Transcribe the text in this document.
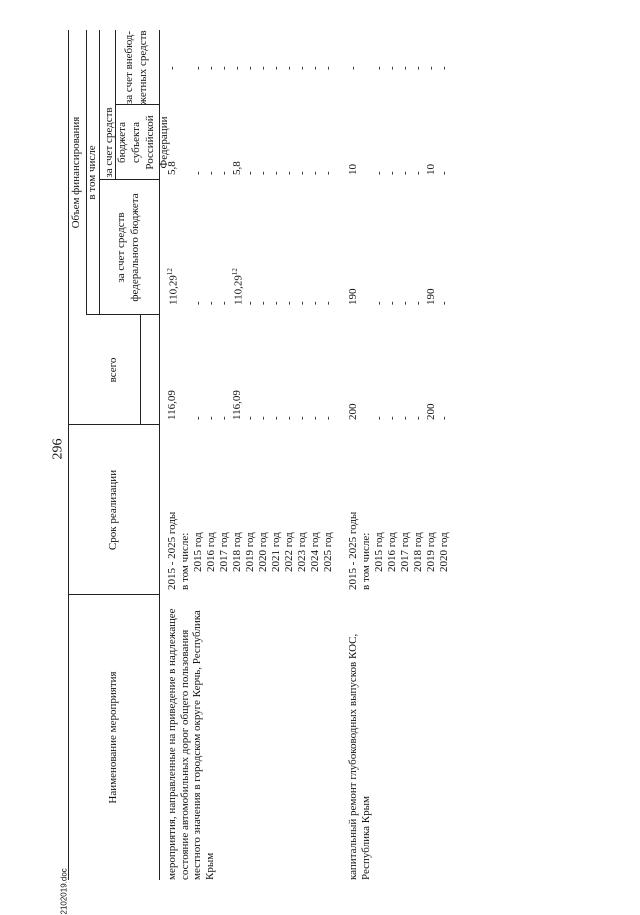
296
2102019.doc
Наименование мероприятия
Срок реализации
Объем финансирования в том числе
всего
за счет средств федерального бюджета
за счет средств бюджета субъекта Российской Федерации
за счет внебюд-жетных средств
мероприятия, направленные на приведение в надлежащее состояние автомобильных дорог общего пользования местного значения в городском округе Керчь, Республика Крым
2015 - 2025 годы
116,09
110,29$^{12}$
5,8
-
в том числе: 2015 год
-
-
-
-
2016 год
-
-
-
-
2017 год
-
-
-
-
2018 год
116,09
110,29$^{12}$
5,8
-
2019 год
-
-
-
-
2020 год
-
-
-
-
2021 год
-
-
-
-
2022 год
-
-
-
-
2023 год
-
-
-
-
2024 год
-
-
-
-
2025 год
-
-
-
-
капитальный ремонт глубоководных выпусков КОС, Республика Крым
2015 - 2025 годы
200
190
10
-
в том числе: 2015 год
-
-
-
-
2016 год
-
-
-
-
2017 год
-
-
-
-
2018 год
-
-
-
-
2019 год
200
190
10
-
2020 год
-
-
-
-
